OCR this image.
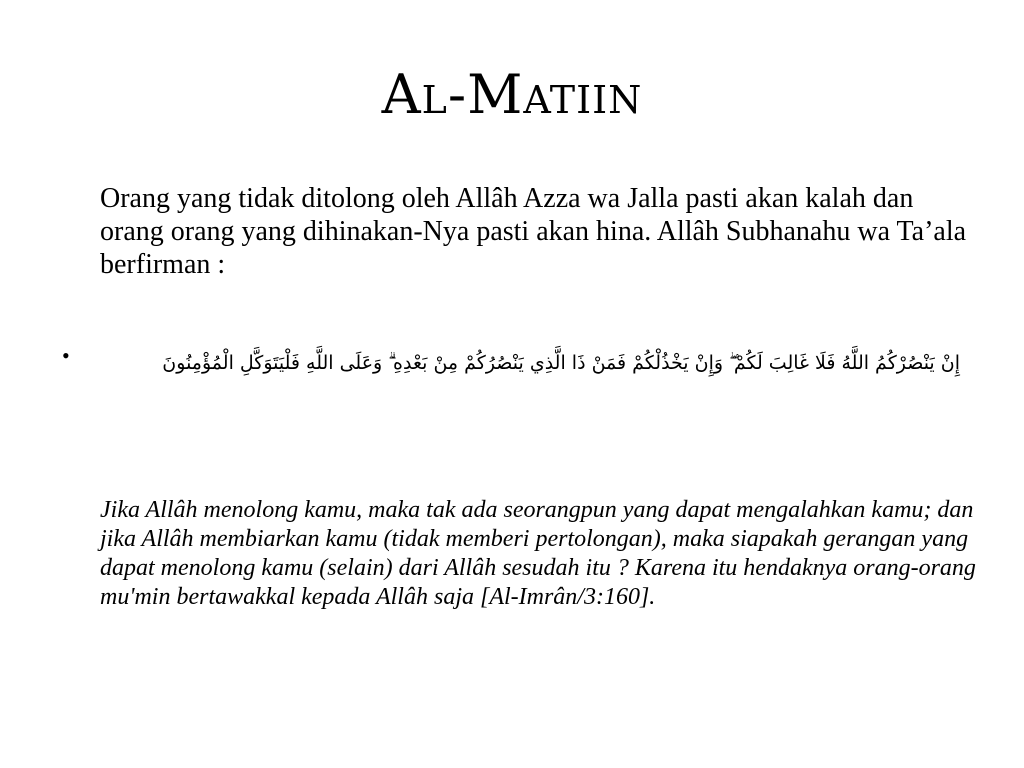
Al-Matiin
Orang yang tidak ditolong oleh Allâh Azza wa Jalla pasti akan kalah dan orang orang yang dihinakan-Nya pasti akan hina. Allâh Subhanahu wa Ta’ala berfirman :
•	إِنْ يَنْصُرْكُمُ اللَّهُ فَلَا غَالِبَ لَكُمْ ۖ وَإِنْ يَخْذُلْكُمْ فَمَنْ ذَا الَّذِي يَنْصُرُكُمْ مِنْ بَعْدِهِ ۗ وَعَلَى اللَّهِ فَلْيَتَوَكَّلِ الْمُؤْمِنُونَ
Jika Allâh menolong kamu, maka tak ada seorangpun yang dapat mengalahkan kamu; dan jika Allâh membiarkan kamu (tidak memberi pertolongan), maka siapakah gerangan yang dapat menolong kamu (selain) dari Allâh sesudah itu ? Karena itu hendaknya orang-orang mu'min bertawakkal kepada Allâh saja [Al-Imrân/3:160].
